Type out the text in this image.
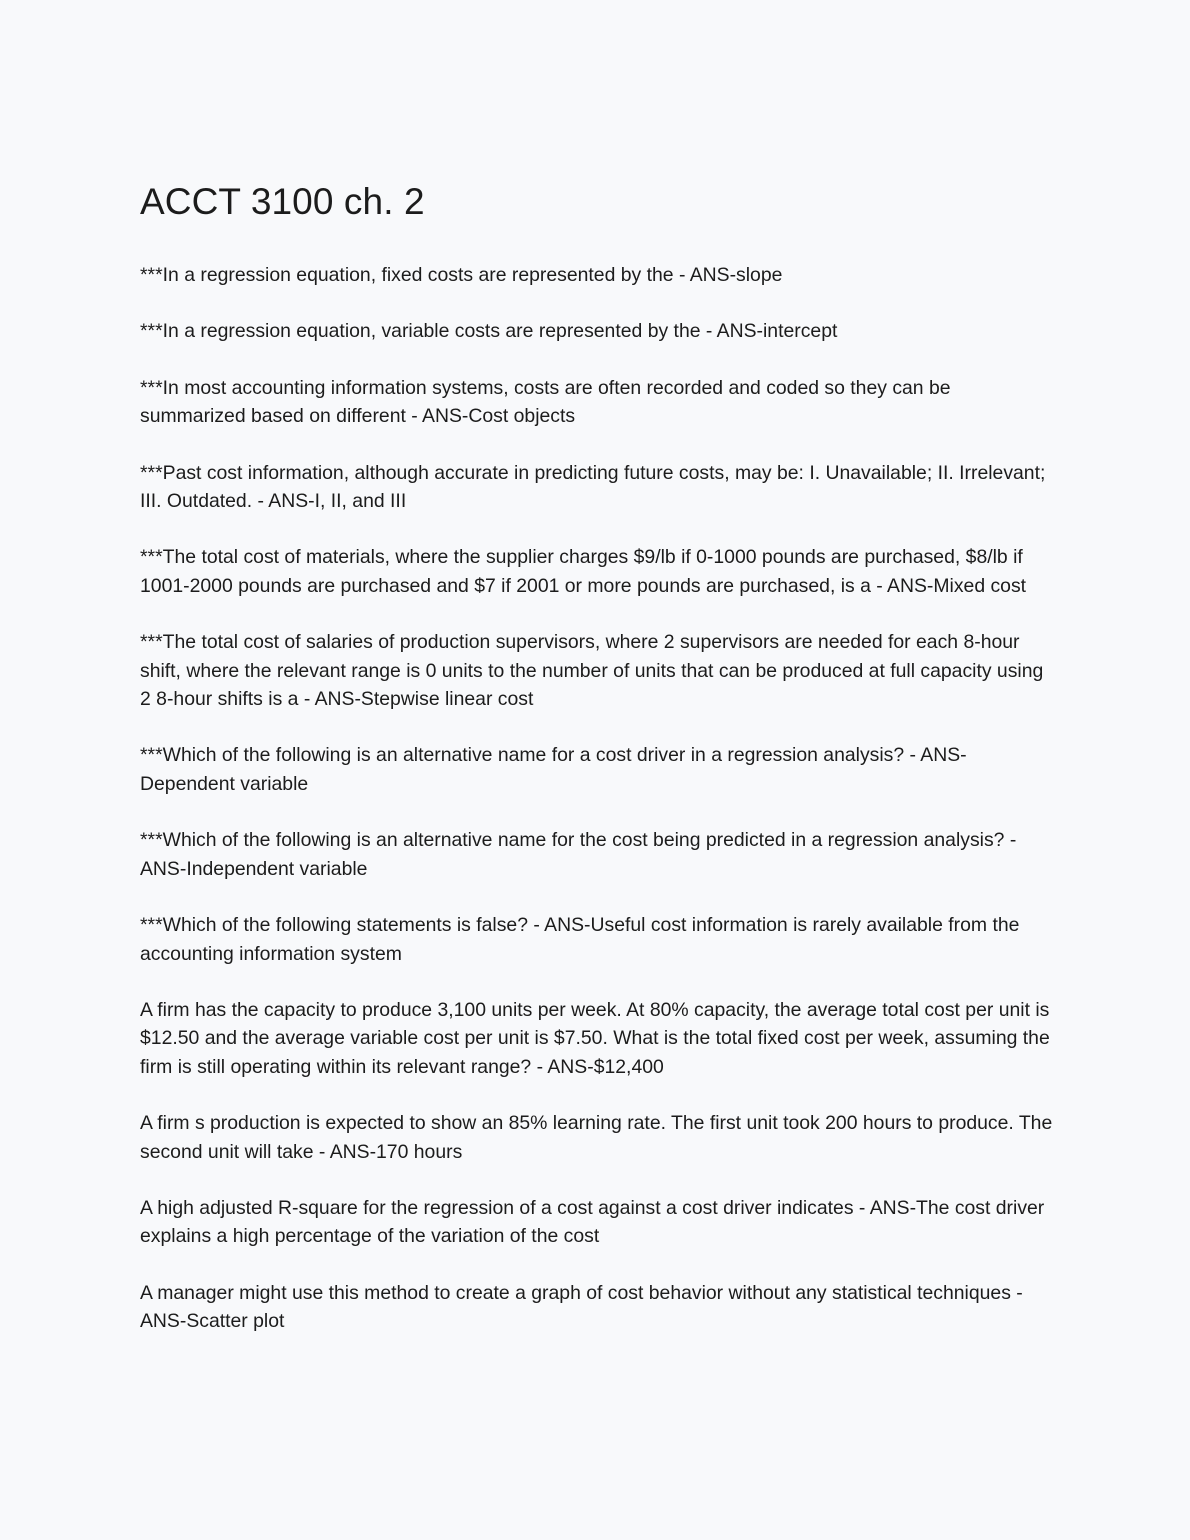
ACCT 3100 ch. 2
***In a regression equation, fixed costs are represented by the - ANS-slope
***In a regression equation, variable costs are represented by the - ANS-intercept
***In most accounting information systems, costs are often recorded and coded so they can be summarized based on different - ANS-Cost objects
***Past cost information, although accurate in predicting future costs, may be: I. Unavailable; II. Irrelevant; III. Outdated. - ANS-I, II, and III
***The total cost of materials, where the supplier charges $9/lb if 0-1000 pounds are purchased, $8/lb if 1001-2000 pounds are purchased and $7 if 2001 or more pounds are purchased, is a - ANS-Mixed cost
***The total cost of salaries of production supervisors, where 2 supervisors are needed for each 8-hour shift, where the relevant range is 0 units to the number of units that can be produced at full capacity using 2 8-hour shifts is a - ANS-Stepwise linear cost
***Which of the following is an alternative name for a cost driver in a regression analysis? - ANS-Dependent variable
***Which of the following is an alternative name for the cost being predicted in a regression analysis? - ANS-Independent variable
***Which of the following statements is false? - ANS-Useful cost information is rarely available from the accounting information system
A firm has the capacity to produce 3,100 units per week. At 80% capacity, the average total cost per unit is $12.50 and the average variable cost per unit is $7.50. What is the total fixed cost per week, assuming the firm is still operating within its relevant range? - ANS-$12,400
A firm s production is expected to show an 85% learning rate. The first unit took 200 hours to produce. The second unit will take - ANS-170 hours
A high adjusted R-square for the regression of a cost against a cost driver indicates - ANS-The cost driver explains a high percentage of the variation of the cost
A manager might use this method to create a graph of cost behavior without any statistical techniques - ANS-Scatter plot
